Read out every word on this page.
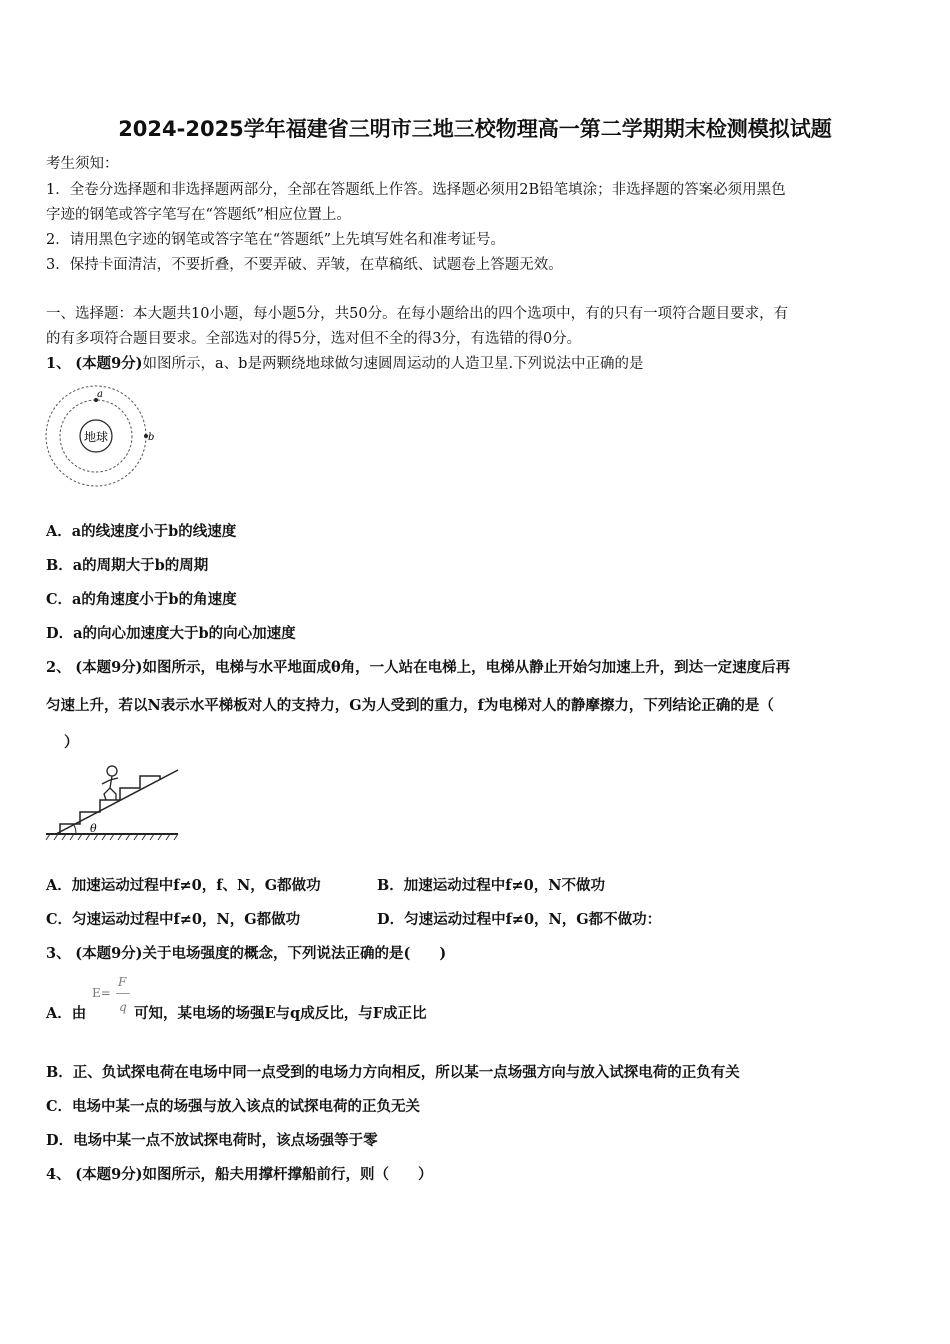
2024-2025学年福建省三明市三地三校物理高一第二学期期末检测模拟试题
考生须知：
1．全卷分选择题和非选择题两部分，全部在答题纸上作答。选择题必须用2B铅笔填涂；非选择题的答案必须用黑色
字迹的钢笔或答字笔写在“答题纸”相应位置上。
2．请用黑色字迹的钢笔或答字笔在“答题纸”上先填写姓名和准考证号。
3．保持卡面清洁，不要折叠，不要弄破、弄皱，在草稿纸、试题卷上答题无效。
一、选择题：本大题共10小题，每小题5分，共50分。在每小题给出的四个选项中，有的只有一项符合题目要求，有
的有多项符合题目要求。全部选对的得5分，选对但不全的得3分，有选错的得0分。
1、 (本题9分)如图所示，a、b是两颗绕地球做匀速圆周运动的人造卫星.下列说法中正确的是
地球
a
b
A．a的线速度小于b的线速度
B．a的周期大于b的周期
C．a的角速度小于b的角速度
D．a的向心加速度大于b的向心加速度
2、 (本题9分)如图所示，电梯与水平地面成θ角，一人站在电梯上，电梯从静止开始匀加速上升，到达一定速度后再
匀速上升，若以N表示水平梯板对人的支持力，G为人受到的重力，f为电梯对人的静摩擦力，下列结论正确的是（
）
θ
A．加速运动过程中f≠0，f、N，G都做功	B．加速运动过程中f≠0，N不做功
C．匀速运动过程中f≠0，N，G都做功	D．匀速运动过程中f≠0，N，G都不做功：
3、 (本题9分)关于电场强度的概念，下列说法正确的是(　　)
A．由
E=
F
q 可知，某电场的场强E与q成反比，与F成正比
B．正、负试探电荷在电场中同一点受到的电场力方向相反，所以某一点场强方向与放入试探电荷的正负有关
C．电场中某一点的场强与放入该点的试探电荷的正负无关
D．电场中某一点不放试探电荷时，该点场强等于零
4、 (本题9分)如图所示，船夫用撑杆撑船前行，则（　　）
